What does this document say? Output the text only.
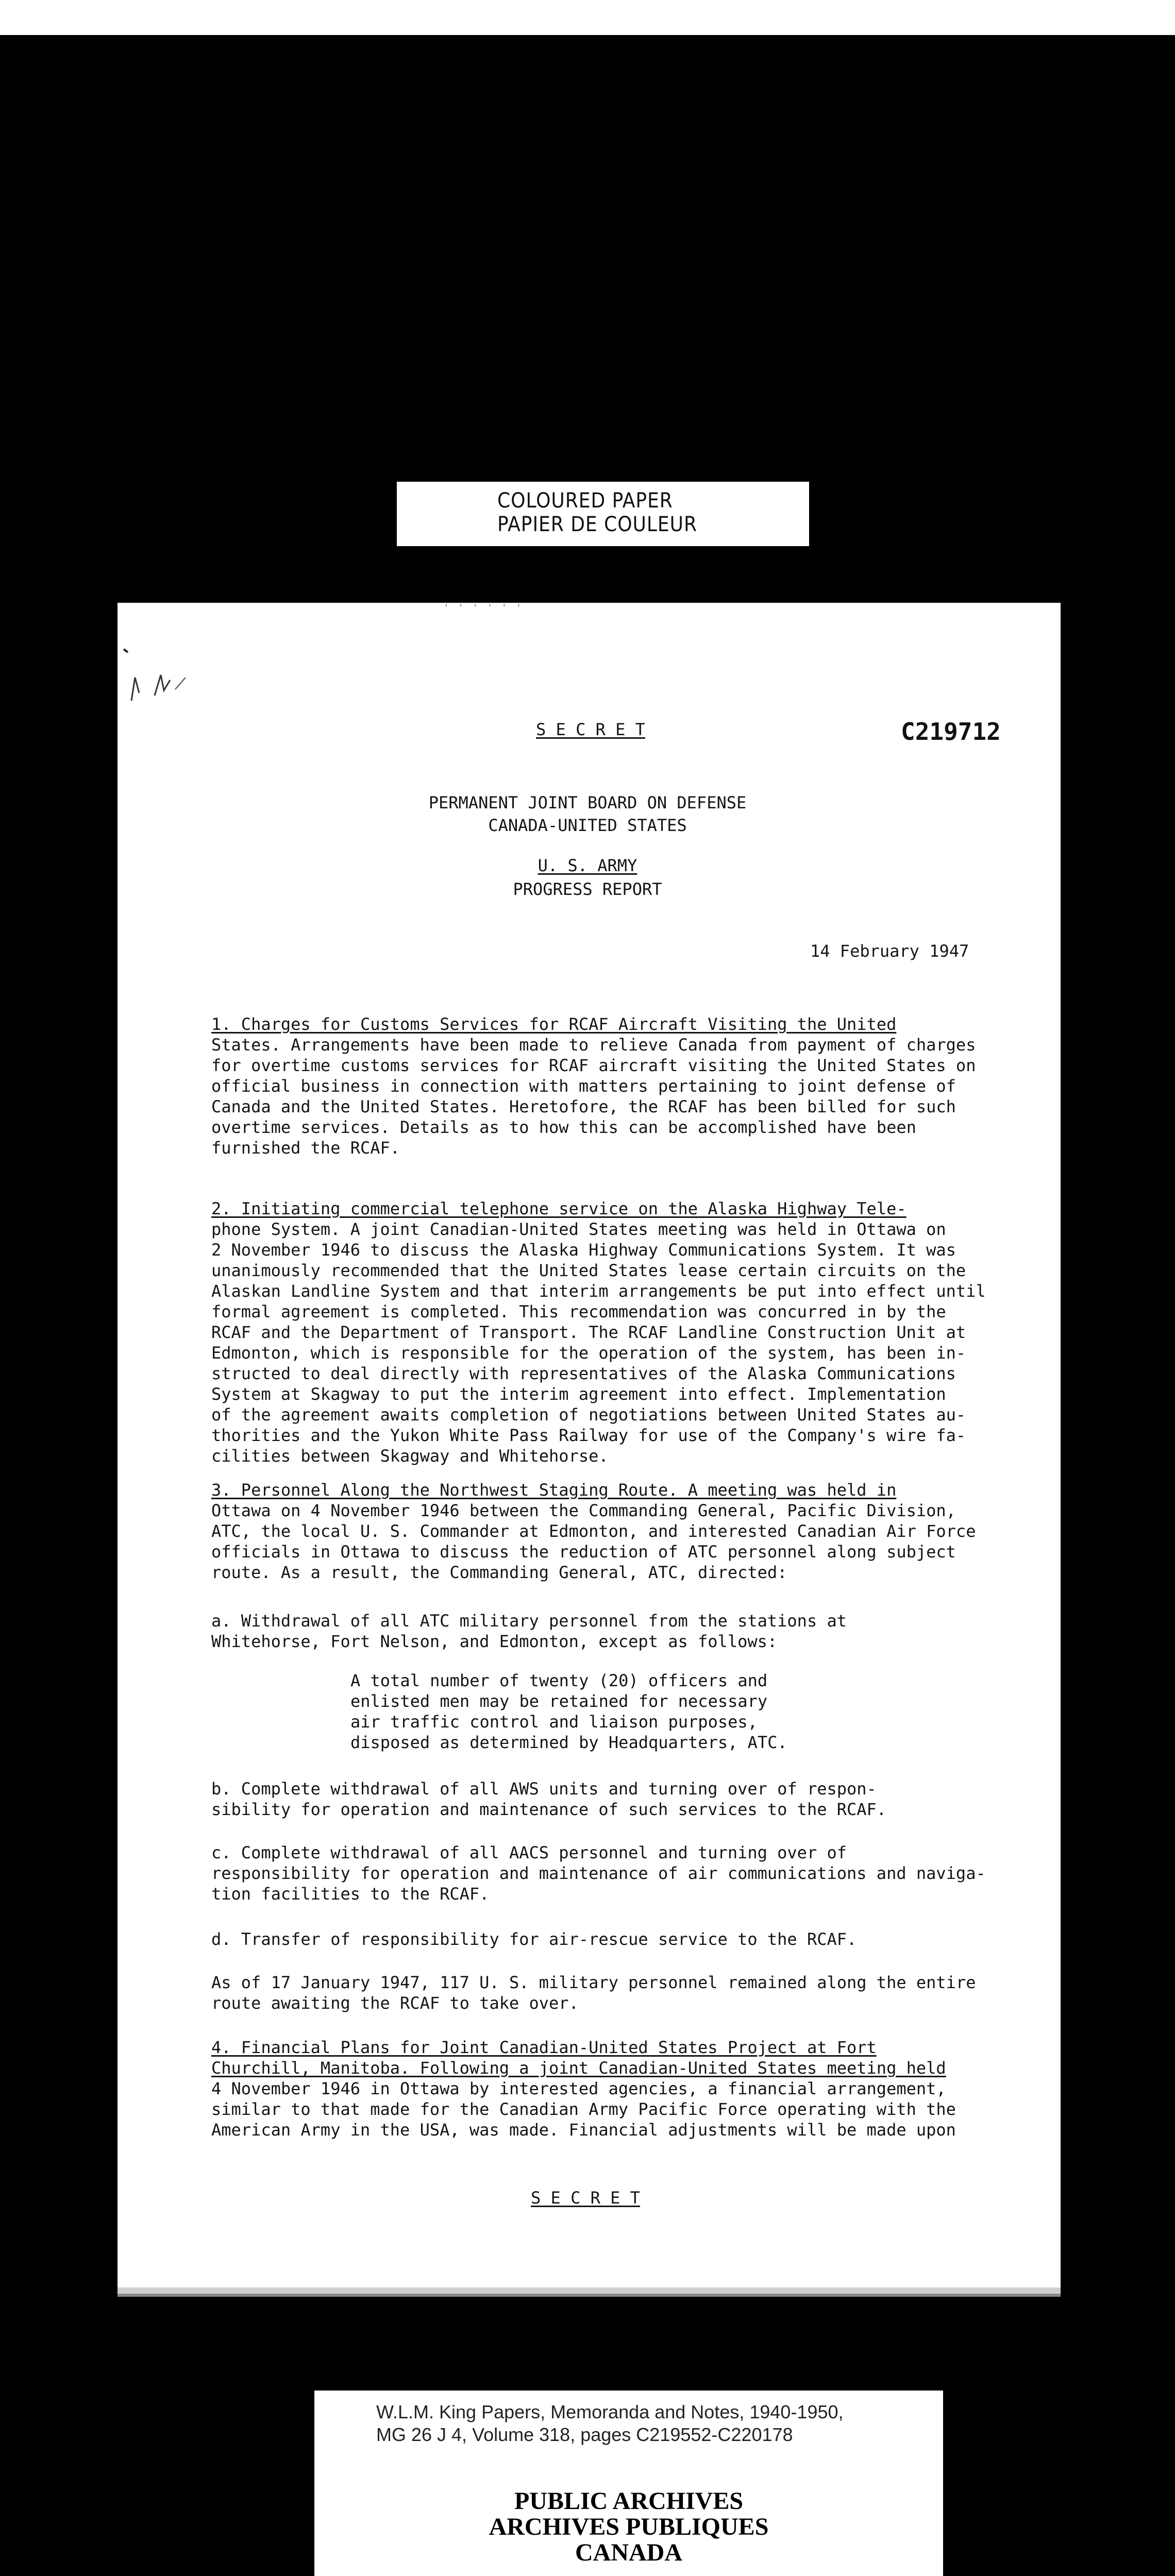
COLOURED PAPER
PAPIER DE COULEUR
' ' ' ' ' '
S E C R E T	C219712
PERMANENT JOINT BOARD ON DEFENSE
CANADA-UNITED STATES
U. S. ARMY
PROGRESS REPORT
14 February 1947
1. Charges for Customs Services for RCAF Aircraft Visiting the United
States. Arrangements have been made to relieve Canada from payment of charges
for overtime customs services for RCAF aircraft visiting the United States on
official business in connection with matters pertaining to joint defense of
Canada and the United States. Heretofore, the RCAF has been billed for such
overtime services. Details as to how this can be accomplished have been
furnished the RCAF.
2. Initiating commercial telephone service on the Alaska Highway Tele-
phone System. A joint Canadian-United States meeting was held in Ottawa on
2 November 1946 to discuss the Alaska Highway Communications System. It was
unanimously recommended that the United States lease certain circuits on the
Alaskan Landline System and that interim arrangements be put into effect until
formal agreement is completed. This recommendation was concurred in by the
RCAF and the Department of Transport. The RCAF Landline Construction Unit at
Edmonton, which is responsible for the operation of the system, has been in-
structed to deal directly with representatives of the Alaska Communications
System at Skagway to put the interim agreement into effect. Implementation
of the agreement awaits completion of negotiations between United States au-
thorities and the Yukon White Pass Railway for use of the Company's wire fa-
cilities between Skagway and Whitehorse.
3. Personnel Along the Northwest Staging Route. A meeting was held in
Ottawa on 4 November 1946 between the Commanding General, Pacific Division,
ATC, the local U. S. Commander at Edmonton, and interested Canadian Air Force
officials in Ottawa to discuss the reduction of ATC personnel along subject
route. As a result, the Commanding General, ATC, directed:
a. Withdrawal of all ATC military personnel from the stations at
Whitehorse, Fort Nelson, and Edmonton, except as follows:
A total number of twenty (20) officers and
enlisted men may be retained for necessary
air traffic control and liaison purposes,
disposed as determined by Headquarters, ATC.
b. Complete withdrawal of all AWS units and turning over of respon-
sibility for operation and maintenance of such services to the RCAF.
c. Complete withdrawal of all AACS personnel and turning over of
responsibility for operation and maintenance of air communications and naviga-
tion facilities to the RCAF.
d. Transfer of responsibility for air-rescue service to the RCAF.
As of 17 January 1947, 117 U. S. military personnel remained along the entire
route awaiting the RCAF to take over.
4. Financial Plans for Joint Canadian-United States Project at Fort
Churchill, Manitoba. Following a joint Canadian-United States meeting held
4 November 1946 in Ottawa by interested agencies, a financial arrangement,
similar to that made for the Canadian Army Pacific Force operating with the
American Army in the USA, was made. Financial adjustments will be made upon
S E C R E T
W.L.M. King Papers, Memoranda and Notes, 1940-1950,
MG 26 J 4, Volume 318, pages C219552-C220178
PUBLIC ARCHIVES
ARCHIVES PUBLIQUES
CANADA
